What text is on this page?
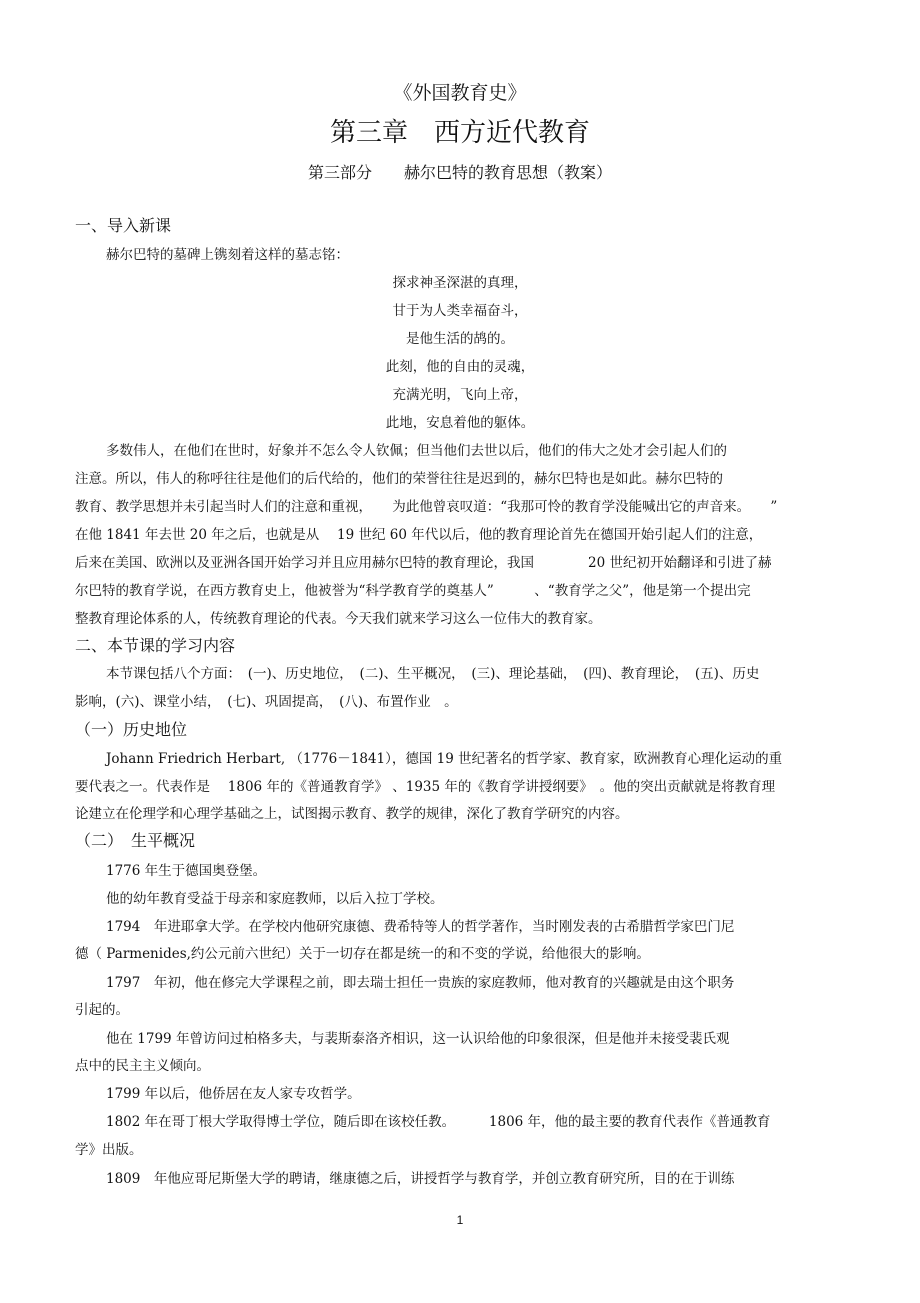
《外国教育史》
第三章　西方近代教育
第三部分　　赫尔巴特的教育思想（教案）
一、导入新课
赫尔巴特的墓碑上镌刻着这样的墓志铭：
探求神圣深湛的真理，
甘于为人类幸福奋斗，
是他生活的鸪的。
此刻，他的自由的灵魂，
充满光明，飞向上帝，
此地，安息着他的躯体。
多数伟人，在他们在世时，好象并不怎么令人钦佩；但当他们去世以后，他们的伟大之处才会引起人们的
注意。所以，伟人的称呼往往是他们的后代给的，他们的荣誉往往是迟到的，赫尔巴特也是如此。赫尔巴特的
教育、教学思想并未引起当时人们的注意和重视，　　为此他曾哀叹道：“我那可怜的教育学没能喊出它的声音来。　　”
在他 1841 年去世 20 年之后，也就是从　 19 世纪 60 年代以后，他的教育理论首先在德国开始引起人们的注意，
后来在美国、欧洲以及亚洲各国开始学习并且应用赫尔巴特的教育理论，我国　　　　20 世纪初开始翻译和引进了赫
尔巴特的教育学说，在西方教育史上，他被誉为“科学教育学的奠基人”　　　、“教育学之父”，他是第一个提出完
整教育理论体系的人，传统教育理论的代表。今天我们就来学习这么一位伟大的教育家。
二、本节课的学习内容
本节课包括八个方面：　(一)、历史地位，　(二)、生平概况，　(三)、理论基础，　(四)、教育理论，　(五)、历史
影响，(六)、课堂小结，　(七)、巩固提高，　(八)、布置作业　。
（一）历史地位
Johann Friedrich Herbart, （1776－1841），德国 19 世纪著名的哲学家、教育家，欧洲教育心理化运动的重
要代表之一。代表作是　 1806 年的《普通教育学》 、1935 年的《教育学讲授纲要》　。他的突出贡献就是将教育理
论建立在伦理学和心理学基础之上，试图揭示教育、教学的规律，深化了教育学研究的内容。
（二）　生平概况
1776 年生于德国奥登堡。
他的幼年教育受益于母亲和家庭教师，以后入拉丁学校。
1794　年进耶拿大学。在学校内他研究康德、费希特等人的哲学著作，当时刚发表的古希腊哲学家巴门尼
德（ Parmenides,约公元前六世纪）关于一切存在都是统一的和不变的学说，给他很大的影响。
1797　年初，他在修完大学课程之前，即去瑞士担任一贵族的家庭教师，他对教育的兴趣就是由这个职务
引起的。
他在 1799 年曾访问过柏格多夫，与裴斯泰洛齐相识，这一认识给他的印象很深，但是他并未接受裴氏观
点中的民主主义倾向。
1799 年以后，他侨居在友人家专攻哲学。
1802 年在哥丁根大学取得博士学位，随后即在该校任教。　　　1806 年，他的最主要的教育代表作《普通教育
学》出版。
1809　年他应哥尼斯堡大学的聘请，继康德之后，讲授哲学与教育学，并创立教育研究所，目的在于训练
1
